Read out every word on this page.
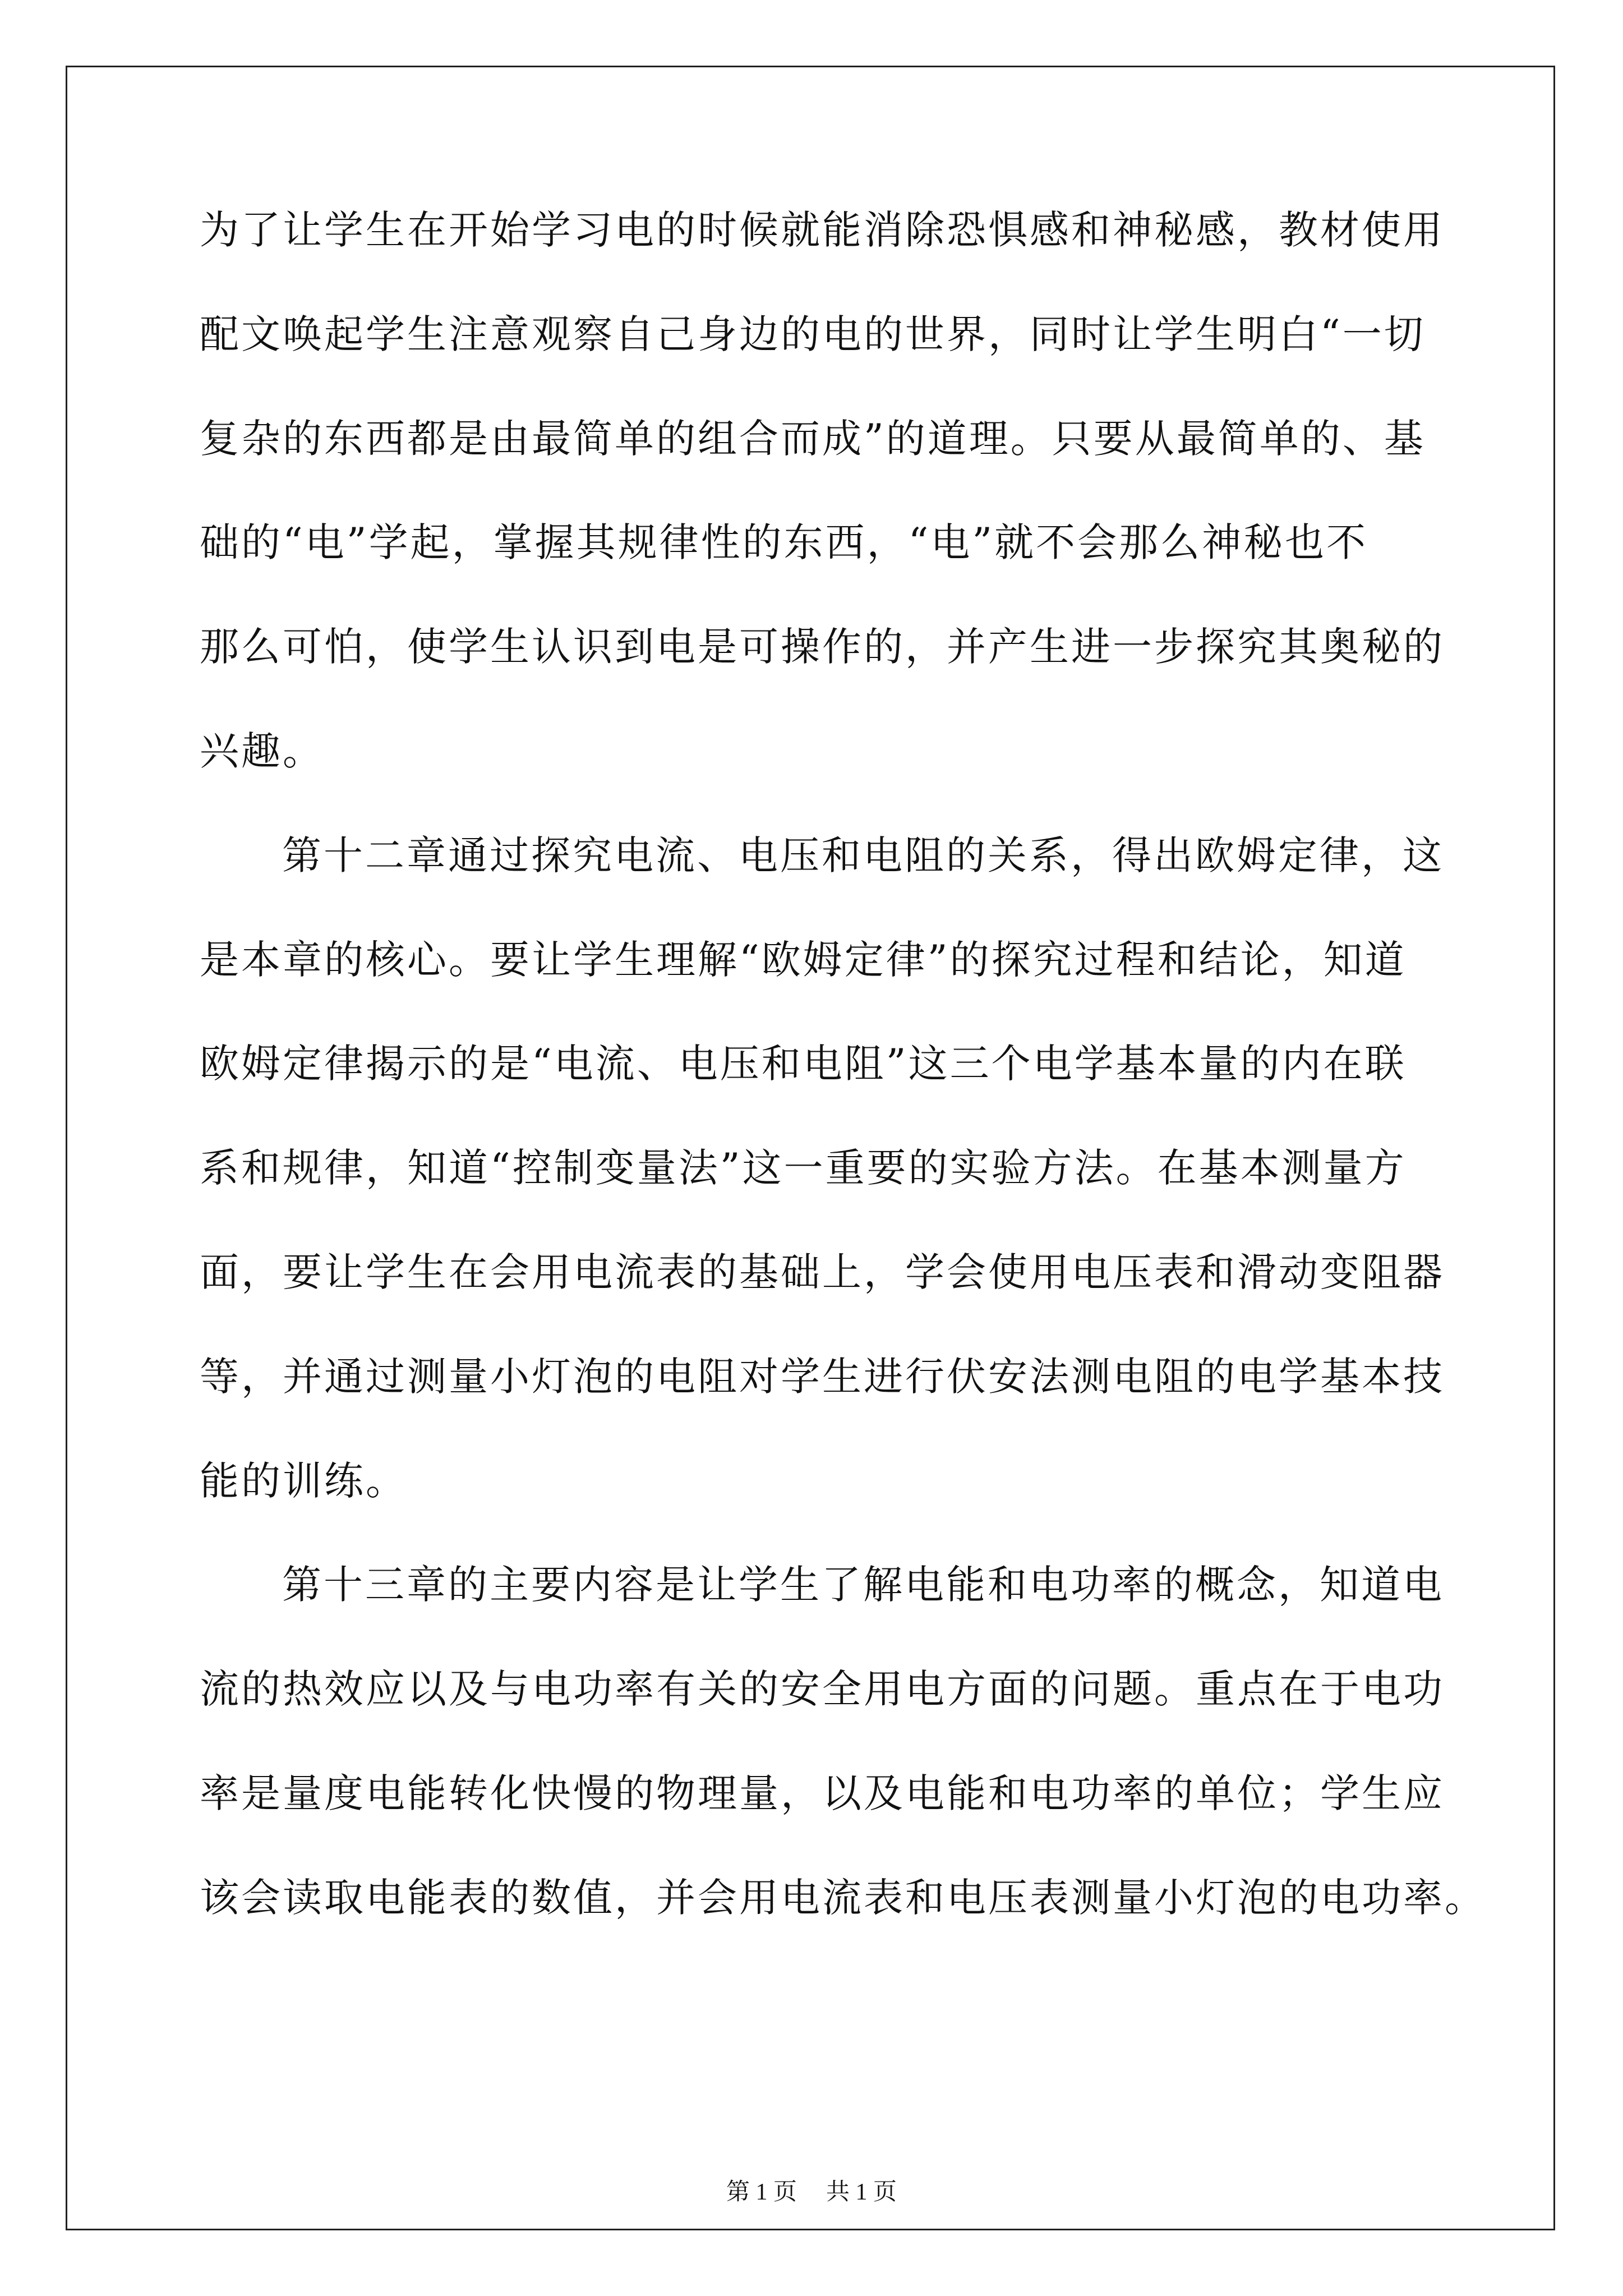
为了让学生在开始学习电的时候就能消除恐惧感和神秘感，教材使用

配文唤起学生注意观察自己身边的电的世界，同时让学生明白“一切

复杂的东西都是由最简单的组合而成”的道理。只要从最简单的、基

础的“电”学起，掌握其规律性的东西，“电”就不会那么神秘也不

那么可怕，使学生认识到电是可操作的，并产生进一步探究其奥秘的

兴趣。

第十二章通过探究电流、电压和电阻的关系，得出欧姆定律，这

是本章的核心。要让学生理解“欧姆定律”的探究过程和结论，知道

欧姆定律揭示的是“电流、电压和电阻”这三个电学基本量的内在联

系和规律，知道“控制变量法”这一重要的实验方法。在基本测量方

面，要让学生在会用电流表的基础上，学会使用电压表和滑动变阻器

等，并通过测量小灯泡的电阻对学生进行伏安法测电阻的电学基本技

能的训练。

第十三章的主要内容是让学生了解电能和电功率的概念，知道电

流的热效应以及与电功率有关的安全用电方面的问题。重点在于电功

率是量度电能转化快慢的物理量，以及电能和电功率的单位；学生应

该会读取电能表的数值，并会用电流表和电压表测量小灯泡的电功率。

第 1 页 共 1 页
